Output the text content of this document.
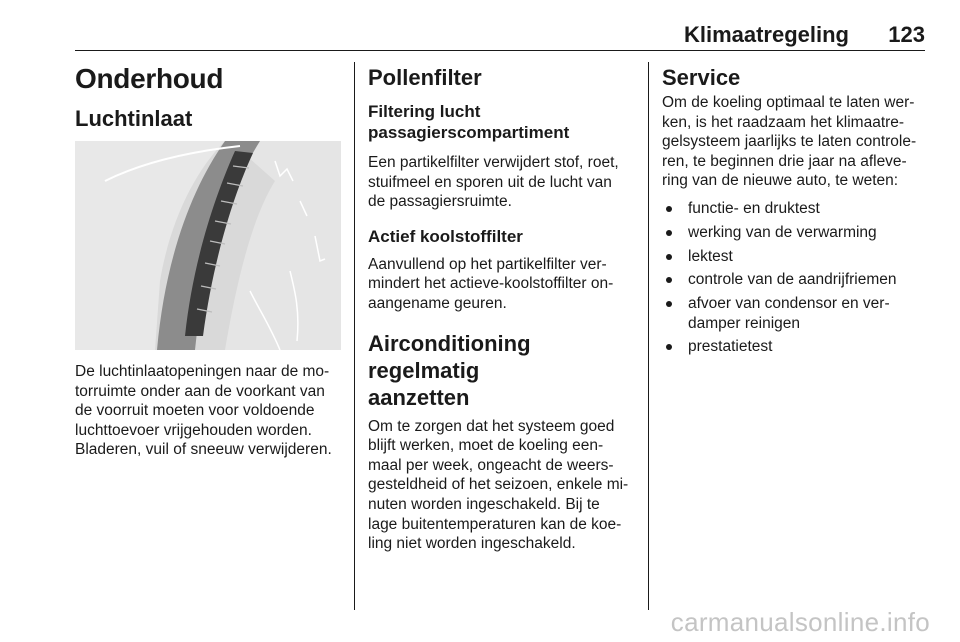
Klimaatregeling 123
Onderhoud
Luchtinlaat

De luchtinlaatopeningen naar de mo-
torruimte onder aan de voorkant van
de voorruit moeten voor voldoende
luchttoevoer vrijgehouden worden.
Bladeren, vuil of sneeuw verwijderen.

Pollenfilter
Filtering lucht
passagierscompartiment

Een partikelfilter verwijdert stof, roet,
stuifmeel en sporen uit de lucht van
de passagiersruimte.

Actief koolstoffilter

Aanvullend op het partikelfilter ver-
mindert het actieve-koolstoffilter on-
aangename geuren.

Airconditioning regelmatig
aanzetten

Om te zorgen dat het systeem goed
blijft werken, moet de koeling een-
maal per week, ongeacht de weers-
gesteldheid of het seizoen, enkele mi-
nuten worden ingeschakeld. Bij te
lage buitentemperaturen kan de koe-
ling niet worden ingeschakeld.

Service

Om de koeling optimaal te laten wer-
ken, is het raadzaam het klimaatre-
gelsysteem jaarlijks te laten controle-
ren, te beginnen drie jaar na afleve-
ring van de nieuwe auto, te weten:

functie- en druktest
werking van de verwarming
lektest
controle van de aandrijfriemen
afvoer van condensor en ver-
damper reinigen
prestatietest
carmanualsonline.info
